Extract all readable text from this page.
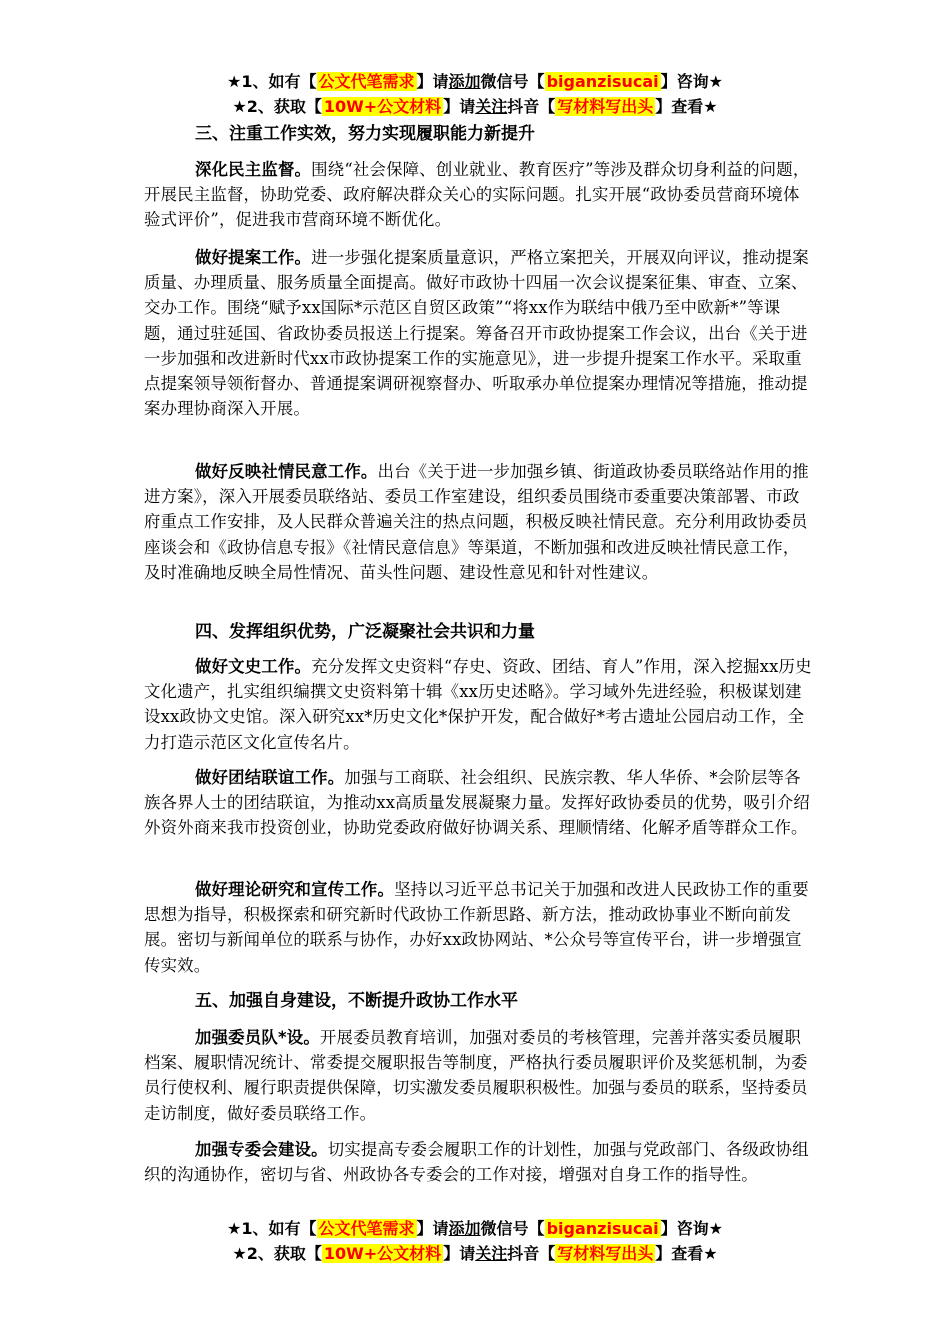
★1、如有【 公文代笔需求 】请添加微信号【 biganzisucai 】咨询★
★2、获取【 10W+公文材料 】请关注抖音【 写材料写出头 】查看★
三、注重工作实效，努力实现履职能力新提升
深化民主监督。围绕“社会保障、创业就业、教育医疗”等涉及群众切身利益的问题，开展民主监督，协助党委、政府解决群众关心的实际问题。扎实开展“政协委员营商环境体验式评价”，促进我市营商环境不断优化。
做好提案工作。进一步强化提案质量意识，严格立案把关，开展双向评议，推动提案质量、办理质量、服务质量全面提高。做好市政协十四届一次会议提案征集、审查、立案、交办工作。围绕“赋予xx国际*示范区自贸区政策”“将xx作为联结中俄乃至中欧新*”等课题，通过驻延国、省政协委员报送上行提案。筹备召开市政协提案工作会议，出台《关于进一步加强和改进新时代xx市政协提案工作的实施意见》，进一步提升提案工作水平。采取重点提案领导领衔督办、普通提案调研视察督办、听取承办单位提案办理情况等措施，推动提案办理协商深入开展。
做好反映社情民意工作。出台《关于进一步加强乡镇、街道政协委员联络站作用的推进方案》，深入开展委员联络站、委员工作室建设，组织委员围绕市委重要决策部署、市政府重点工作安排，及人民群众普遍关注的热点问题，积极反映社情民意。充分利用政协委员座谈会和《政协信息专报》《社情民意信息》等渠道，不断加强和改进反映社情民意工作，及时准确地反映全局性情况、苗头性问题、建设性意见和针对性建议。
四、发挥组织优势，广泛凝聚社会共识和力量
做好文史工作。充分发挥文史资料“存史、资政、团结、育人”作用，深入挖掘xx历史文化遗产，扎实组织编撰文史资料第十辑《xx历史述略》。学习域外先进经验，积极谋划建设xx政协文史馆。深入研究xx*历史文化*保护开发，配合做好*考古遗址公园启动工作，全力打造示范区文化宣传名片。
做好团结联谊工作。加强与工商联、社会组织、民族宗教、华人华侨、*会阶层等各族各界人士的团结联谊，为推动xx高质量发展凝聚力量。发挥好政协委员的优势，吸引介绍外资外商来我市投资创业，协助党委政府做好协调关系、理顺情绪、化解矛盾等群众工作。
做好理论研究和宣传工作。坚持以习近平总书记关于加强和改进人民政协工作的重要思想为指导，积极探索和研究新时代政协工作新思路、新方法，推动政协事业不断向前发展。密切与新闻单位的联系与协作，办好xx政协网站、*公众号等宣传平台，讲一步增强宣传实效。
五、加强自身建设，不断提升政协工作水平
加强委员队*设。开展委员教育培训，加强对委员的考核管理，完善并落实委员履职档案、履职情况统计、常委提交履职报告等制度，严格执行委员履职评价及奖惩机制，为委员行使权利、履行职责提供保障，切实激发委员履职积极性。加强与委员的联系，坚持委员走访制度，做好委员联络工作。
加强专委会建设。切实提高专委会履职工作的计划性，加强与党政部门、各级政协组织的沟通协作，密切与省、州政协各专委会的工作对接，增强对自身工作的指导性。
★1、如有【 公文代笔需求 】请添加微信号【 biganzisucai 】咨询★
★2、获取【 10W+公文材料 】请关注抖音【 写材料写出头 】查看★
